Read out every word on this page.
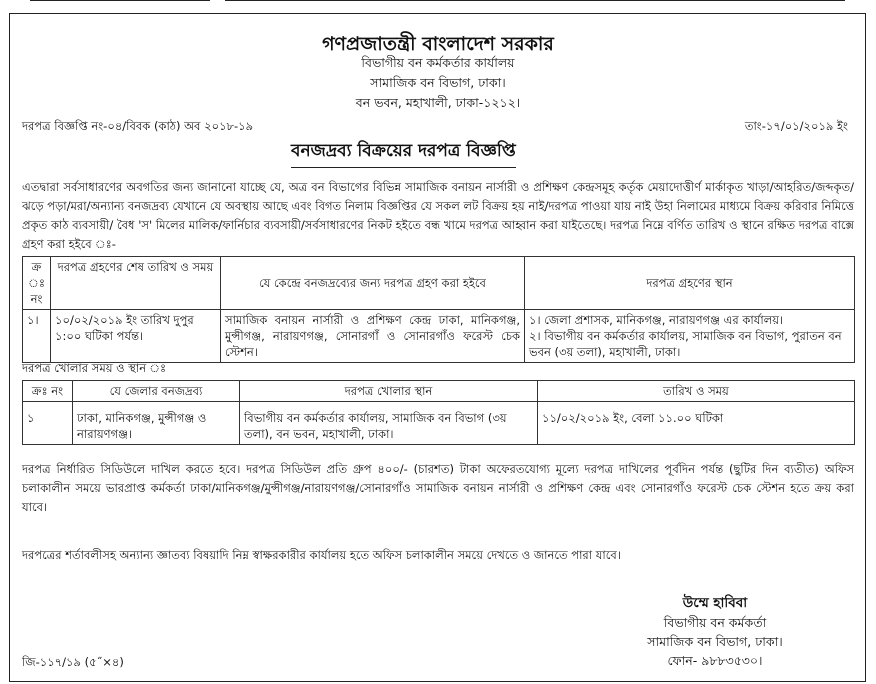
গণপ্রজাতন্ত্রী বাংলাদেশ সরকার
বিভাগীয় বন কর্মকর্তার কার্যালয়
সামাজিক বন বিভাগ, ঢাকা।
বন ভবন, মহাখালী, ঢাকা-১২১২।
দরপত্র বিজ্ঞপ্তি নং-০৪/বিবক (কাঠ) অব ২০১৮-১৯	তাং-১৭/০১/২০১৯ ইং
বনজদ্রব্য বিক্রয়ের দরপত্র বিজ্ঞপ্তি
এতদ্বারা সর্বসাধারণের অবগতির জন্য জানানো যাচ্ছে যে, অত্র বন বিভাগের বিভিন্ন সামাজিক বনায়ন নার্সারী ও প্রশিক্ষণ কেন্দ্রসমূহ কর্তৃক মেয়াদোত্তীর্ণ মার্কাকৃত খাড়া/আহরিত/জব্দকৃত/ঝড়ে পড়া/মরা/অন্যান্য বনজদ্রব্য যেখানে যে অবস্থায় আছে এবং বিগত নিলাম বিজ্ঞপ্তির যে সকল লট বিক্রয় হয় নাই/দরপত্র পাওয়া যায় নাই উহা নিলামের মাধ্যমে বিক্রয় করিবার নিমিত্তে প্রকৃত কাঠ ব্যবসায়ী/ বৈধ 'স' মিলের মালিক/ফার্নিচার ব্যবসায়ী/সর্বসাধারণের নিকট হইতে বন্ধ খামে দরপত্র আহ্বান করা যাইতেছে। দরপত্র নিম্নে বর্ণিত তারিখ ও স্থানে রক্ষিত দরপত্র বাক্সে গ্রহণ করা হইবে ঃ-
ক্র ঃ নং	দরপত্র গ্রহণের শেষ তারিখ ও সময়	যে কেন্দ্রে বনজদ্রব্যের জন্য দরপত্র গ্রহণ করা হইবে	দরপত্র গ্রহণের স্থান
১।	১০/০২/২০১৯ ইং তারিখ দুপুর ১:০০ ঘটিকা পর্যন্ত।	সামাজিক বনায়ন নার্সারী ও প্রশিক্ষণ কেন্দ্র ঢাকা, মানিকগঞ্জ, মুন্সীগঞ্জ, নারায়ণগঞ্জ, সোনারগাঁ ও সোনারগাঁও ফরেস্ট চেক স্টেশন।	১। জেলা প্রশাসক, মানিকগঞ্জ, নারায়ণগঞ্জ এর কার্যালয়।
২। বিভাগীয় বন কর্মকর্তার কার্যালয়, সামাজিক বন বিভাগ, পুরাতন বন ভবন (৩য় তলা), মহাখালী, ঢাকা।
দরপত্র খোলার সময় ও স্থান ঃ
ক্রঃ নং	যে জেলার বনজদ্রব্য	দরপত্র খোলার স্থান	তারিখ ও সময়
১	ঢাকা, মানিকগঞ্জ, মুন্সীগঞ্জ ও নারায়ণগঞ্জ।	বিভাগীয় বন কর্মকর্তার কার্যালয়, সামাজিক বন বিভাগ (৩য় তলা), বন ভবন, মহাখালী, ঢাকা।	১১/০২/২০১৯ ইং, বেলা ১১.০০ ঘটিকা
দরপত্র নির্ধারিত সিডিউলে দাখিল করতে হবে। দরপত্র সিডিউল প্রতি গ্রুপ ৪০০/- (চারশত) টাকা অফেরতযোগ্য মূল্যে দরপত্র দাখিলের পূর্বদিন পর্যন্ত (ছুটির দিন ব্যতীত) অফিস চলাকালীন সময়ে ভারপ্রাপ্ত কর্মকর্তা ঢাকা/মানিকগঞ্জ/মুন্সীগঞ্জ/নারায়ণগঞ্জ/সোনারগাঁও সামাজিক বনায়ন নার্সারী ও প্রশিক্ষণ কেন্দ্র এবং সোনারগাঁও ফরেস্ট চেক স্টেশন হতে ক্রয় করা যাবে।
দরপত্রের শর্তাবলীসহ অন্যান্য জ্ঞাতব্য বিষয়াদি নিম্ন স্বাক্ষরকারীর কার্যালয় হতে অফিস চলাকালীন সময়ে দেখতে ও জানতে পারা যাবে।
উম্মে হাবিবা
বিভাগীয় বন কর্মকর্তা
সামাজিক বন বিভাগ, ঢাকা।
ফোন- ৯৮৮৩৫৩০।
জি-১১৭/১৯ (৫˝×৪)
